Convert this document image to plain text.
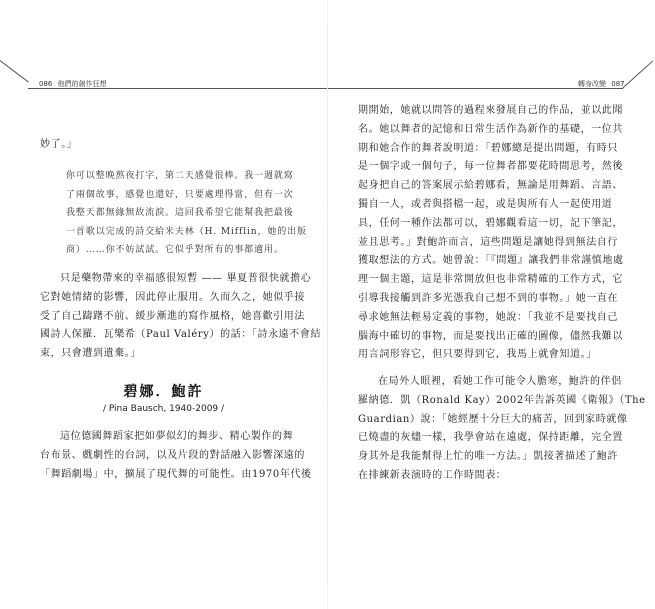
086 他們的創作狂想	轉身改變 087
妙了。」
你可以整晚熬夜打字，第二天感覺很棒。我一週就寫
了兩個故事，感覺也還好，只要處理得當，但有一次
我整天都無緣無故流淚。這回我希望它能幫我把最後
一首歌以完成的詩交給米夫林（H. Mifflin，她的出版
商）……你不妨試試。它似乎對所有的事都適用。
只是藥物帶來的幸福感很短暫 —— 畢夏普很快就擔心
它對她情緒的影響，因此停止服用。久而久之，她似乎接
受了自己躊躇不前、緩步漸進的寫作風格，她喜歡引用法
國詩人保羅．瓦樂希（Paul Valéry）的話：「詩永遠不會結
束，只會遭到遺棄。」
碧娜．鮑許
/ Pina Bausch, 1940-2009 /
這位德國舞蹈家把如夢似幻的舞步、精心製作的舞
台布景、戲劇性的台詞，以及片段的對話融入影響深遠的
「舞蹈劇場」中，擴展了現代舞的可能性。由1970年代後
期開始，她就以問答的過程來發展自己的作品，並以此聞
名。她以舞者的記憶和日常生活作為新作的基礎，一位共
期和她合作的舞者說明道：「碧娜總是提出問題，有時只
是一個字或一個句子，每一位舞者都要花時間思考，然後
起身把自己的答案展示給碧娜看，無論是用舞蹈、言語、
獨自一人，或者與搭檔一起，或是與所有人一起使用道
具，任何一種作法都可以，碧娜觀看這一切，記下筆記，
並且思考。」對鮑許而言，這些問題是讓她得到無法自行
獲取想法的方式。她曾說：「『問題』讓我們非常謹慎地處
理一個主題，這是非常開放但也非常精確的工作方式，它
引導我接觸到許多光憑我自己想不到的事物。」她一直在
尋求她無法輕易定義的事物，她說：「我並不是要找自己
腦海中確切的事物，而是要找出正確的圖像，儘然我難以
用言詞形容它，但只要得到它，我馬上就會知道。」
在局外人眼裡，看她工作可能令人膽寒，鮑許的伴侶
羅納德．凱（Ronald Kay）2002年告訴英國《衛報》（The
Guardian）說：「她經歷十分巨大的痛苦，回到家時就像
已燒盡的灰燼一樣，我學會站在遠處，保持距離，完全置
身其外是我能幫得上忙的唯一方法。」凱接著描述了鮑許
在排練新表演時的工作時間表：
